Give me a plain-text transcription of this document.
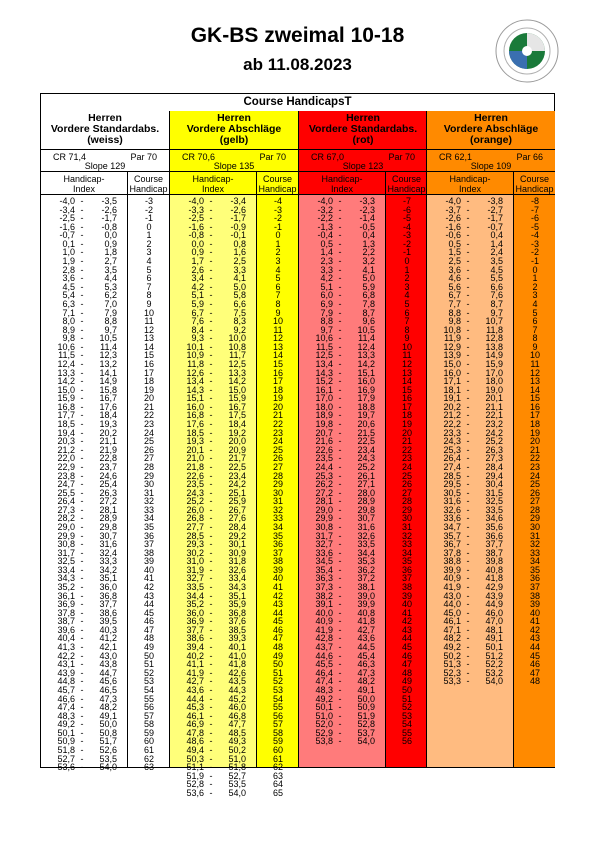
GK-BS zweimal 10-18
ab 11.08.2023
Course HandicapsT
Herren
Vordere Standardabs.
(weiss)
CR 71,4	Par 70
Slope 129
Handicap-
Index
Course
Handicap
-4,0 -	-3,5	-3
-3,4 -	-2,6	-2
-2,5 -	-1,7	-1
-1,6 -	-0,8	0
-0,7 -	0,0	1
0,1 -	0,9	2
1,0 -	1,8	3
1,9 -	2,7	4
2,8 -	3,5	5
3,6 -	4,4	6
4,5 -	5,3	7
5,4 -	6,2	8
6,3 -	7,0	9
7,1 -	7,9	10
8,0 -	8,8	11
8,9 -	9,7	12
9,8 -	10,5	13
10,6 -	11,4	14
11,5 -	12,3	15
12,4 -	13,2	16
13,3 -	14,1	17
14,2 -	14,9	18
15,0 -	15,8	19
15,9 -	16,7	20
16,8 -	17,6	21
17,7 -	18,4	22
18,5 -	19,3	23
19,4 -	20,2	24
20,3 -	21,1	25
21,2 -	21,9	26
22,0 -	22,8	27
22,9 -	23,7	28
23,8 -	24,6	29
24,7 -	25,4	30
25,5 -	26,3	31
26,4 -	27,2	32
27,3 -	28,1	33
28,2 -	28,9	34
29,0 -	29,8	35
29,9 -	30,7	36
30,8 -	31,6	37
31,7 -	32,4	38
32,5 -	33,3	39
33,4 -	34,2	40
34,3 -	35,1	41
35,2 -	36,0	42
36,1 -	36,8	43
36,9 -	37,7	44
37,8 -	38,6	45
38,7 -	39,5	46
39,6 -	40,3	47
40,4 -	41,2	48
41,3 -	42,1	49
42,2 -	43,0	50
43,1 -	43,8	51
43,9 -	44,7	52
44,8 -	45,6	53
45,7 -	46,5	54
46,6 -	47,3	55
47,4 -	48,2	56
48,3 -	49,1	57
49,2 -	50,0	58
50,1 -	50,8	59
50,9 -	51,7	60
51,8 -	52,6	61
52,7 -	53,5	62
53,6 -	54,0	63
Herren
Vordere Abschläge
(gelb)
CR 70,6	Par 70
Slope 135
Handicap-
Index
Course
Handicap
-4,0 -	-3,4	-4
-3,3 -	-2,6	-3
-2,5 -	-1,7	-2
-1,6 -	-0,9	-1
-0,8 -	-0,1	0
0,0 -	0,8	1
0,9 -	1,6	2
1,7 -	2,5	3
2,6 -	3,3	4
3,4 -	4,1	5
4,2 -	5,0	6
5,1 -	5,8	7
5,9 -	6,6	8
6,7 -	7,5	9
7,6 -	8,3	10
8,4 -	9,2	11
9,3 -	10,0	12
10,1 -	10,8	13
10,9 -	11,7	14
11,8 -	12,5	15
12,6 -	13,3	16
13,4 -	14,2	17
14,3 -	15,0	18
15,1 -	15,9	19
16,0 -	16,7	20
16,8 -	17,5	21
17,6 -	18,4	22
18,5 -	19,2	23
19,3 -	20,0	24
20,1 -	20,9	25
21,0 -	21,7	26
21,8 -	22,5	27
22,6 -	23,4	28
23,5 -	24,2	29
24,3 -	25,1	30
25,2 -	25,9	31
26,0 -	26,7	32
26,8 -	27,6	33
27,7 -	28,4	34
28,5 -	29,2	35
29,3 -	30,1	36
30,2 -	30,9	37
31,0 -	31,8	38
31,9 -	32,6	39
32,7 -	33,4	40
33,5 -	34,3	41
34,4 -	35,1	42
35,2 -	35,9	43
36,0 -	36,8	44
36,9 -	37,6	45
37,7 -	38,5	46
38,6 -	39,3	47
39,4 -	40,1	48
40,2 -	41,0	49
41,1 -	41,8	50
41,9 -	42,6	51
42,7 -	43,5	52
43,6 -	44,3	53
44,4 -	45,2	54
45,3 -	46,0	55
46,1 -	46,8	56
46,9 -	47,7	57
47,8 -	48,5	58
48,6 -	49,3	59
49,4 -	50,2	60
50,3 -	51,0	61
51,1 -	51,8	62
51,9 -	52,7	63
52,8 -	53,5	64
53,6 -	54,0	65
Herren
Vordere Standardabs.
(rot)
CR 67,0	Par 70
Slope 123
Handicap-
Index
Course
Handicap
-4,0 -	-3,3	-7
-3,2 -	-2,3	-6
-2,2 -	-1,4	-5
-1,3 -	-0,5	-4
-0,4 -	0,4	-3
0,5 -	1,3	-2
1,4 -	2,2	-1
2,3 -	3,2	0
3,3 -	4,1	1
4,2 -	5,0	2
5,1 -	5,9	3
6,0 -	6,8	4
6,9 -	7,8	5
7,9 -	8,7	6
8,8 -	9,6	7
9,7 -	10,5	8
10,6 -	11,4	9
11,5 -	12,4	10
12,5 -	13,3	11
13,4 -	14,2	12
14,3 -	15,1	13
15,2 -	16,0	14
16,1 -	16,9	15
17,0 -	17,9	16
18,0 -	18,8	17
18,9 -	19,7	18
19,8 -	20,6	19
20,7 -	21,5	20
21,6 -	22,5	21
22,6 -	23,4	22
23,5 -	24,3	23
24,4 -	25,2	24
25,3 -	26,1	25
26,2 -	27,1	26
27,2 -	28,0	27
28,1 -	28,9	28
29,0 -	29,8	29
29,9 -	30,7	30
30,8 -	31,6	31
31,7 -	32,6	32
32,7 -	33,5	33
33,6 -	34,4	34
34,5 -	35,3	35
35,4 -	36,2	36
36,3 -	37,2	37
37,3 -	38,1	38
38,2 -	39,0	39
39,1 -	39,9	40
40,0 -	40,8	41
40,9 -	41,8	42
41,9 -	42,7	43
42,8 -	43,6	44
43,7 -	44,5	45
44,6 -	45,4	46
45,5 -	46,3	47
46,4 -	47,3	48
47,4 -	48,2	49
48,3 -	49,1	50
49,2 -	50,0	51
50,1 -	50,9	52
51,0 -	51,9	53
52,0 -	52,8	54
52,9 -	53,7	55
53,8 -	54,0	56
Herren
Vordere Abschläge
(orange)
CR 62,1	Par 66
Slope 109
Handicap-
Index
Course
Handicap
-4,0 -	-3,8	-8
-3,7 -	-2,7	-7
-2,6 -	-1,7	-6
-1,6 -	-0,7	-5
-0,6 -	0,4	-4
0,5 -	1,4	-3
1,5 -	2,4	-2
2,5 -	3,5	-1
3,6 -	4,5	0
4,6 -	5,5	1
5,6 -	6,6	2
6,7 -	7,6	3
7,7 -	8,7	4
8,8 -	9,7	5
9,8 -	10,7	6
10,8 -	11,8	7
11,9 -	12,8	8
12,9 -	13,8	9
13,9 -	14,9	10
15,0 -	15,9	11
16,0 -	17,0	12
17,1 -	18,0	13
18,1 -	19,0	14
19,1 -	20,1	15
20,2 -	21,1	16
21,2 -	22,1	17
22,2 -	23,2	18
23,3 -	24,2	19
24,3 -	25,2	20
25,3 -	26,3	21
26,4 -	27,3	22
27,4 -	28,4	23
28,5 -	29,4	24
29,5 -	30,4	25
30,5 -	31,5	26
31,6 -	32,5	27
32,6 -	33,5	28
33,6 -	34,6	29
34,7 -	35,6	30
35,7 -	36,6	31
36,7 -	37,7	32
37,8 -	38,7	33
38,8 -	39,8	34
39,9 -	40,8	35
40,9 -	41,8	36
41,9 -	42,9	37
43,0 -	43,9	38
44,0 -	44,9	39
45,0 -	46,0	40
46,1 -	47,0	41
47,1 -	48,1	42
48,2 -	49,1	43
49,2 -	50,1	44
50,2 -	51,2	45
51,3 -	52,2	46
52,3 -	53,2	47
53,3 -	54,0	48
